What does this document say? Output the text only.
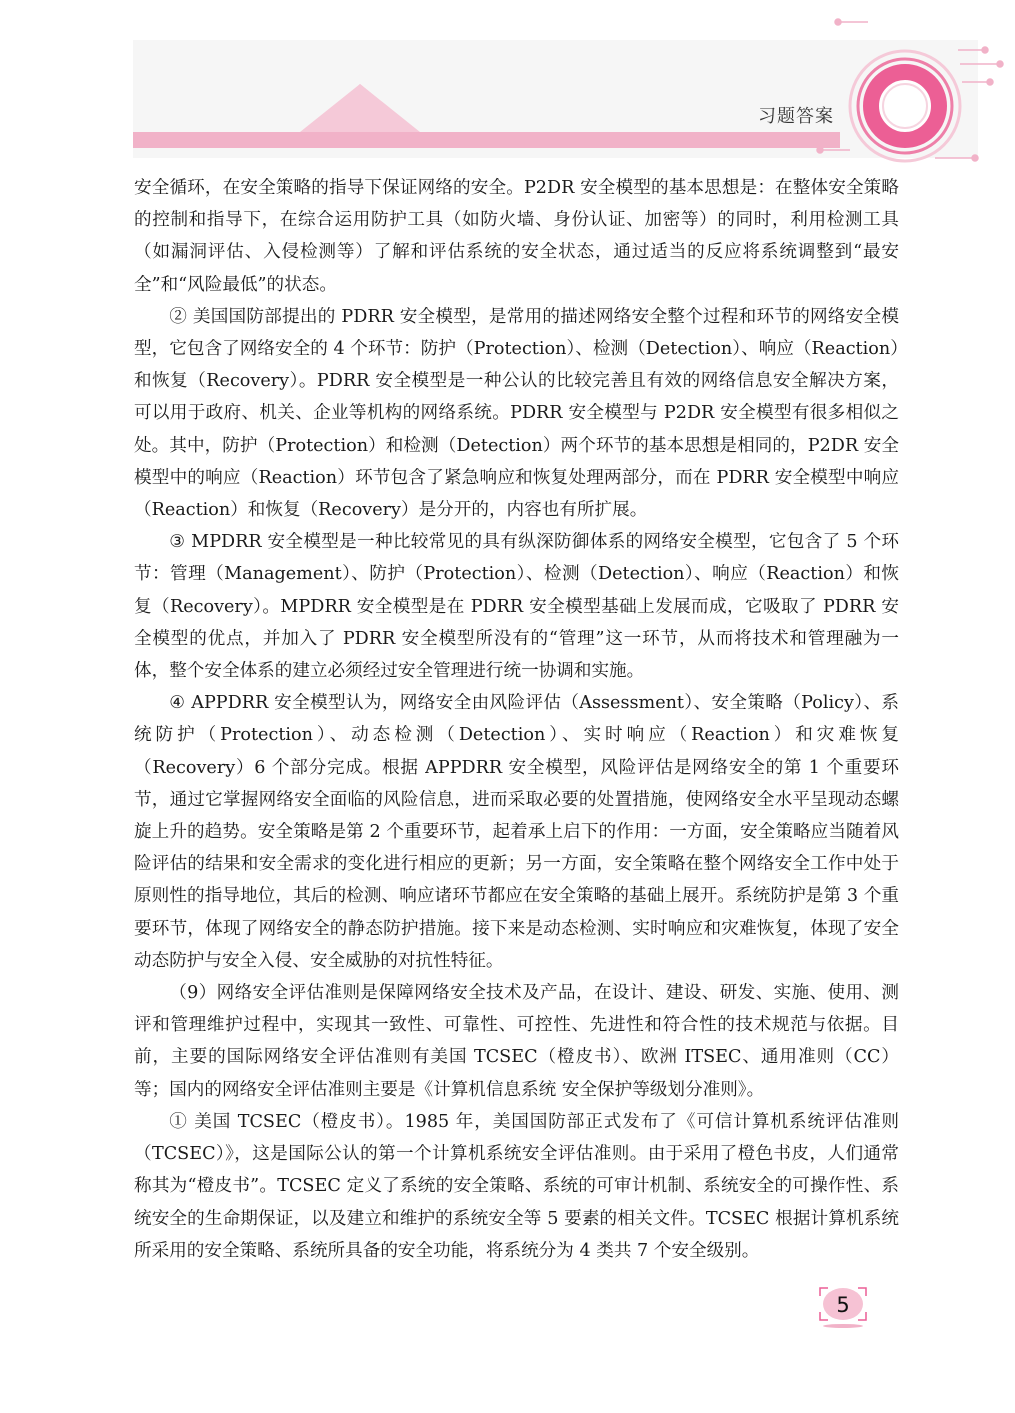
习题答案

安全循环，在安全策略的指导下保证网络的安全。P2DR 安全模型的基本思想是：在整体安全策略的控制和指导下，在综合运用防护工具（如防火墙、身份认证、加密等）的同时，利用检测工具（如漏洞评估、入侵检测等）了解和评估系统的安全状态，通过适当的反应将系统调整到“最安全”和“风险最低”的状态。

② 美国国防部提出的 PDRR 安全模型，是常用的描述网络安全整个过程和环节的网络安全模型，它包含了网络安全的 4 个环节：防护（Protection）、检测（Detection）、响应（Reaction）和恢复（Recovery）。PDRR 安全模型是一种公认的比较完善且有效的网络信息安全解决方案，可以用于政府、机关、企业等机构的网络系统。PDRR 安全模型与 P2DR 安全模型有很多相似之处。其中，防护（Protection）和检测（Detection）两个环节的基本思想是相同的，P2DR 安全模型中的响应（Reaction）环节包含了紧急响应和恢复处理两部分，而在 PDRR 安全模型中响应（Reaction）和恢复（Recovery）是分开的，内容也有所扩展。

③ MPDRR 安全模型是一种比较常见的具有纵深防御体系的网络安全模型，它包含了 5 个环节：管理（Management）、防护（Protection）、检测（Detection）、响应（Reaction）和恢复（Recovery）。MPDRR 安全模型是在 PDRR 安全模型基础上发展而成，它吸取了 PDRR 安全模型的优点，并加入了 PDRR 安全模型所没有的“管理”这一环节，从而将技术和管理融为一体，整个安全体系的建立必须经过安全管理进行统一协调和实施。

④ APPDRR 安全模型认为，网络安全由风险评估（Assessment）、安全策略（Policy）、系统防护（Protection）、动态检测（Detection）、实时响应（Reaction）和灾难恢复（Recovery）6 个部分完成。根据 APPDRR 安全模型，风险评估是网络安全的第 1 个重要环节，通过它掌握网络安全面临的风险信息，进而采取必要的处置措施，使网络安全水平呈现动态螺旋上升的趋势。安全策略是第 2 个重要环节，起着承上启下的作用：一方面，安全策略应当随着风险评估的结果和安全需求的变化进行相应的更新；另一方面，安全策略在整个网络安全工作中处于原则性的指导地位，其后的检测、响应诸环节都应在安全策略的基础上展开。系统防护是第 3 个重要环节，体现了网络安全的静态防护措施。接下来是动态检测、实时响应和灾难恢复，体现了安全动态防护与安全入侵、安全威胁的对抗性特征。

（9）网络安全评估准则是保障网络安全技术及产品，在设计、建设、研发、实施、使用、测评和管理维护过程中，实现其一致性、可靠性、可控性、先进性和符合性的技术规范与依据。目前，主要的国际网络安全评估准则有美国 TCSEC（橙皮书）、欧洲 ITSEC、通用准则（CC）等；国内的网络安全评估准则主要是《计算机信息系统 安全保护等级划分准则》。

① 美国 TCSEC（橙皮书）。1985 年，美国国防部正式发布了《可信计算机系统评估准则（TCSEC）》，这是国际公认的第一个计算机系统安全评估准则。由于采用了橙色书皮，人们通常称其为“橙皮书”。TCSEC 定义了系统的安全策略、系统的可审计机制、系统安全的可操作性、系统安全的生命期保证，以及建立和维护的系统安全等 5 要素的相关文件。TCSEC 根据计算机系统所采用的安全策略、系统所具备的安全功能，将系统分为 4 类共 7 个安全级别。

5
